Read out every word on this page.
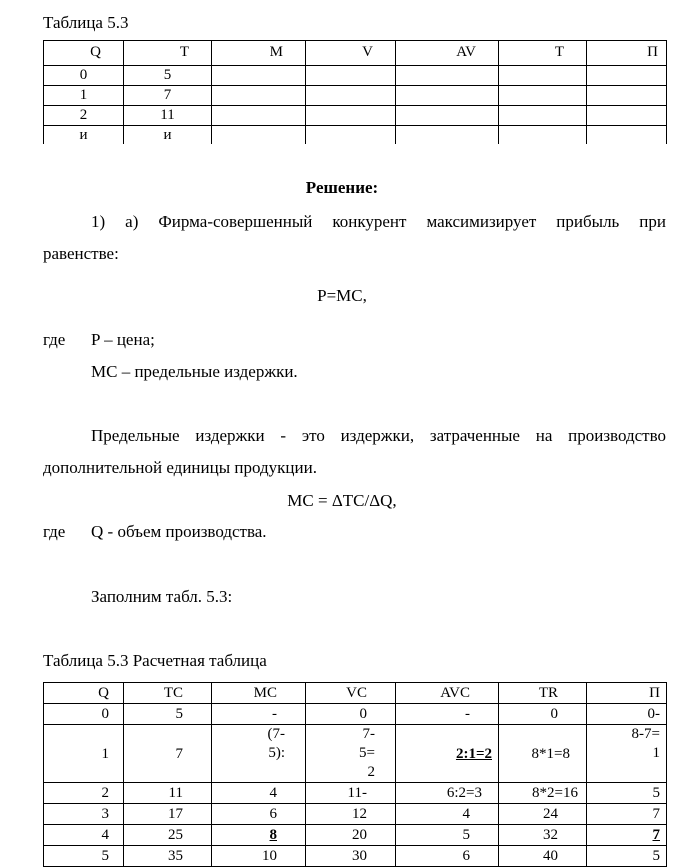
Таблица 5.3
Q	Т	М	V	AV	Т	П
0	5					
1	7					
2	11					
и	и					
Решение:
1) а) Фирма-совершенный конкурент максимизирует прибыль при
равенстве:
P=MC,
где P – цена;
MC – предельные издержки.
Предельные издержки - это издержки, затраченные на производство
дополнительной единицы продукции.
MC = ΔTC/ΔQ,
где Q - объем производства.
Заполним табл. 5.3:
Таблица 5.3 Расчетная таблица
Q	TC	MC	VC	AVC	TR	П
0	5	-	0	-	0	0-
1	7	(7-5):	7-5=2	2:1=2	8*1=8	8-7=1
2	11	4	11-	6:2=3	8*2=16	5
3	17	6	12	4	24	7
4	25	8	20	5	32	7
5	35	10	30	6	40	5
